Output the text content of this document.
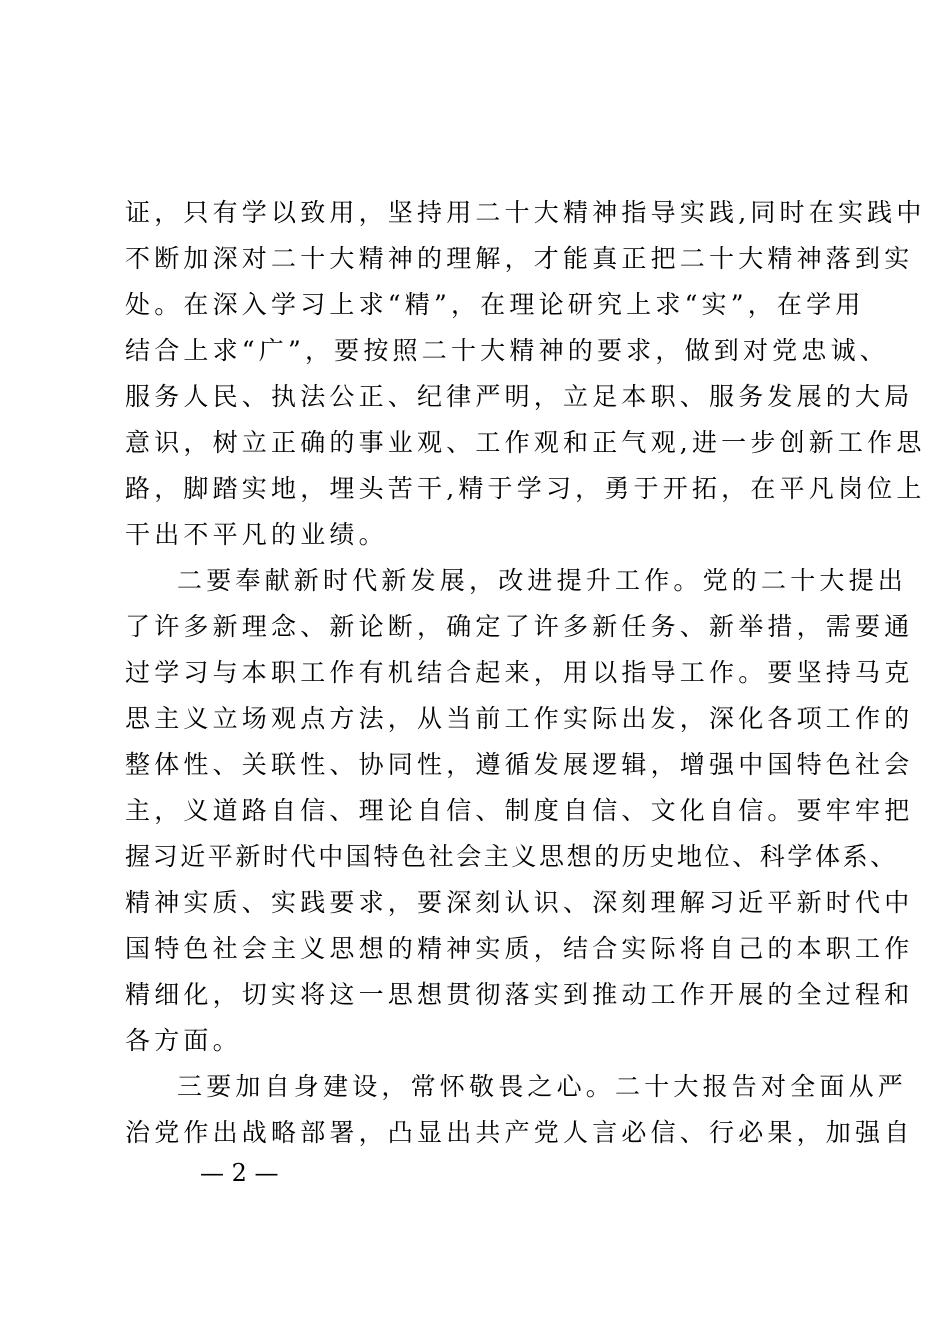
证，只有学以致用，坚持用二十大精神指导实践,同时在实践中
不断加深对二十大精神的理解，才能真正把二十大精神落到实
处。在深入学习上求“精”，在理论研究上求“实”，在学用
结合上求“广”，要按照二十大精神的要求，做到对党忠诚、
服务人民、执法公正、纪律严明，立足本职、服务发展的大局
意识，树立正确的事业观、工作观和正气观,进一步创新工作思
路，脚踏实地，埋头苦干,精于学习，勇于开拓，在平凡岗位上
干出不平凡的业绩。
二要奉献新时代新发展，改进提升工作。党的二十大提出
了许多新理念、新论断，确定了许多新任务、新举措，需要通
过学习与本职工作有机结合起来，用以指导工作。要坚持马克
思主义立场观点方法，从当前工作实际出发，深化各项工作的
整体性、关联性、协同性，遵循发展逻辑，增强中国特色社会
主，义道路自信、理论自信、制度自信、文化自信。要牢牢把
握习近平新时代中国特色社会主义思想的历史地位、科学体系、
精神实质、实践要求，要深刻认识、深刻理解习近平新时代中
国特色社会主义思想的精神实质，结合实际将自己的本职工作
精细化，切实将这一思想贯彻落实到推动工作开展的全过程和
各方面。
三要加自身建设，常怀敬畏之心。二十大报告对全面从严
治党作出战略部署，凸显出共产党人言必信、行必果，加强自
— 2 —
